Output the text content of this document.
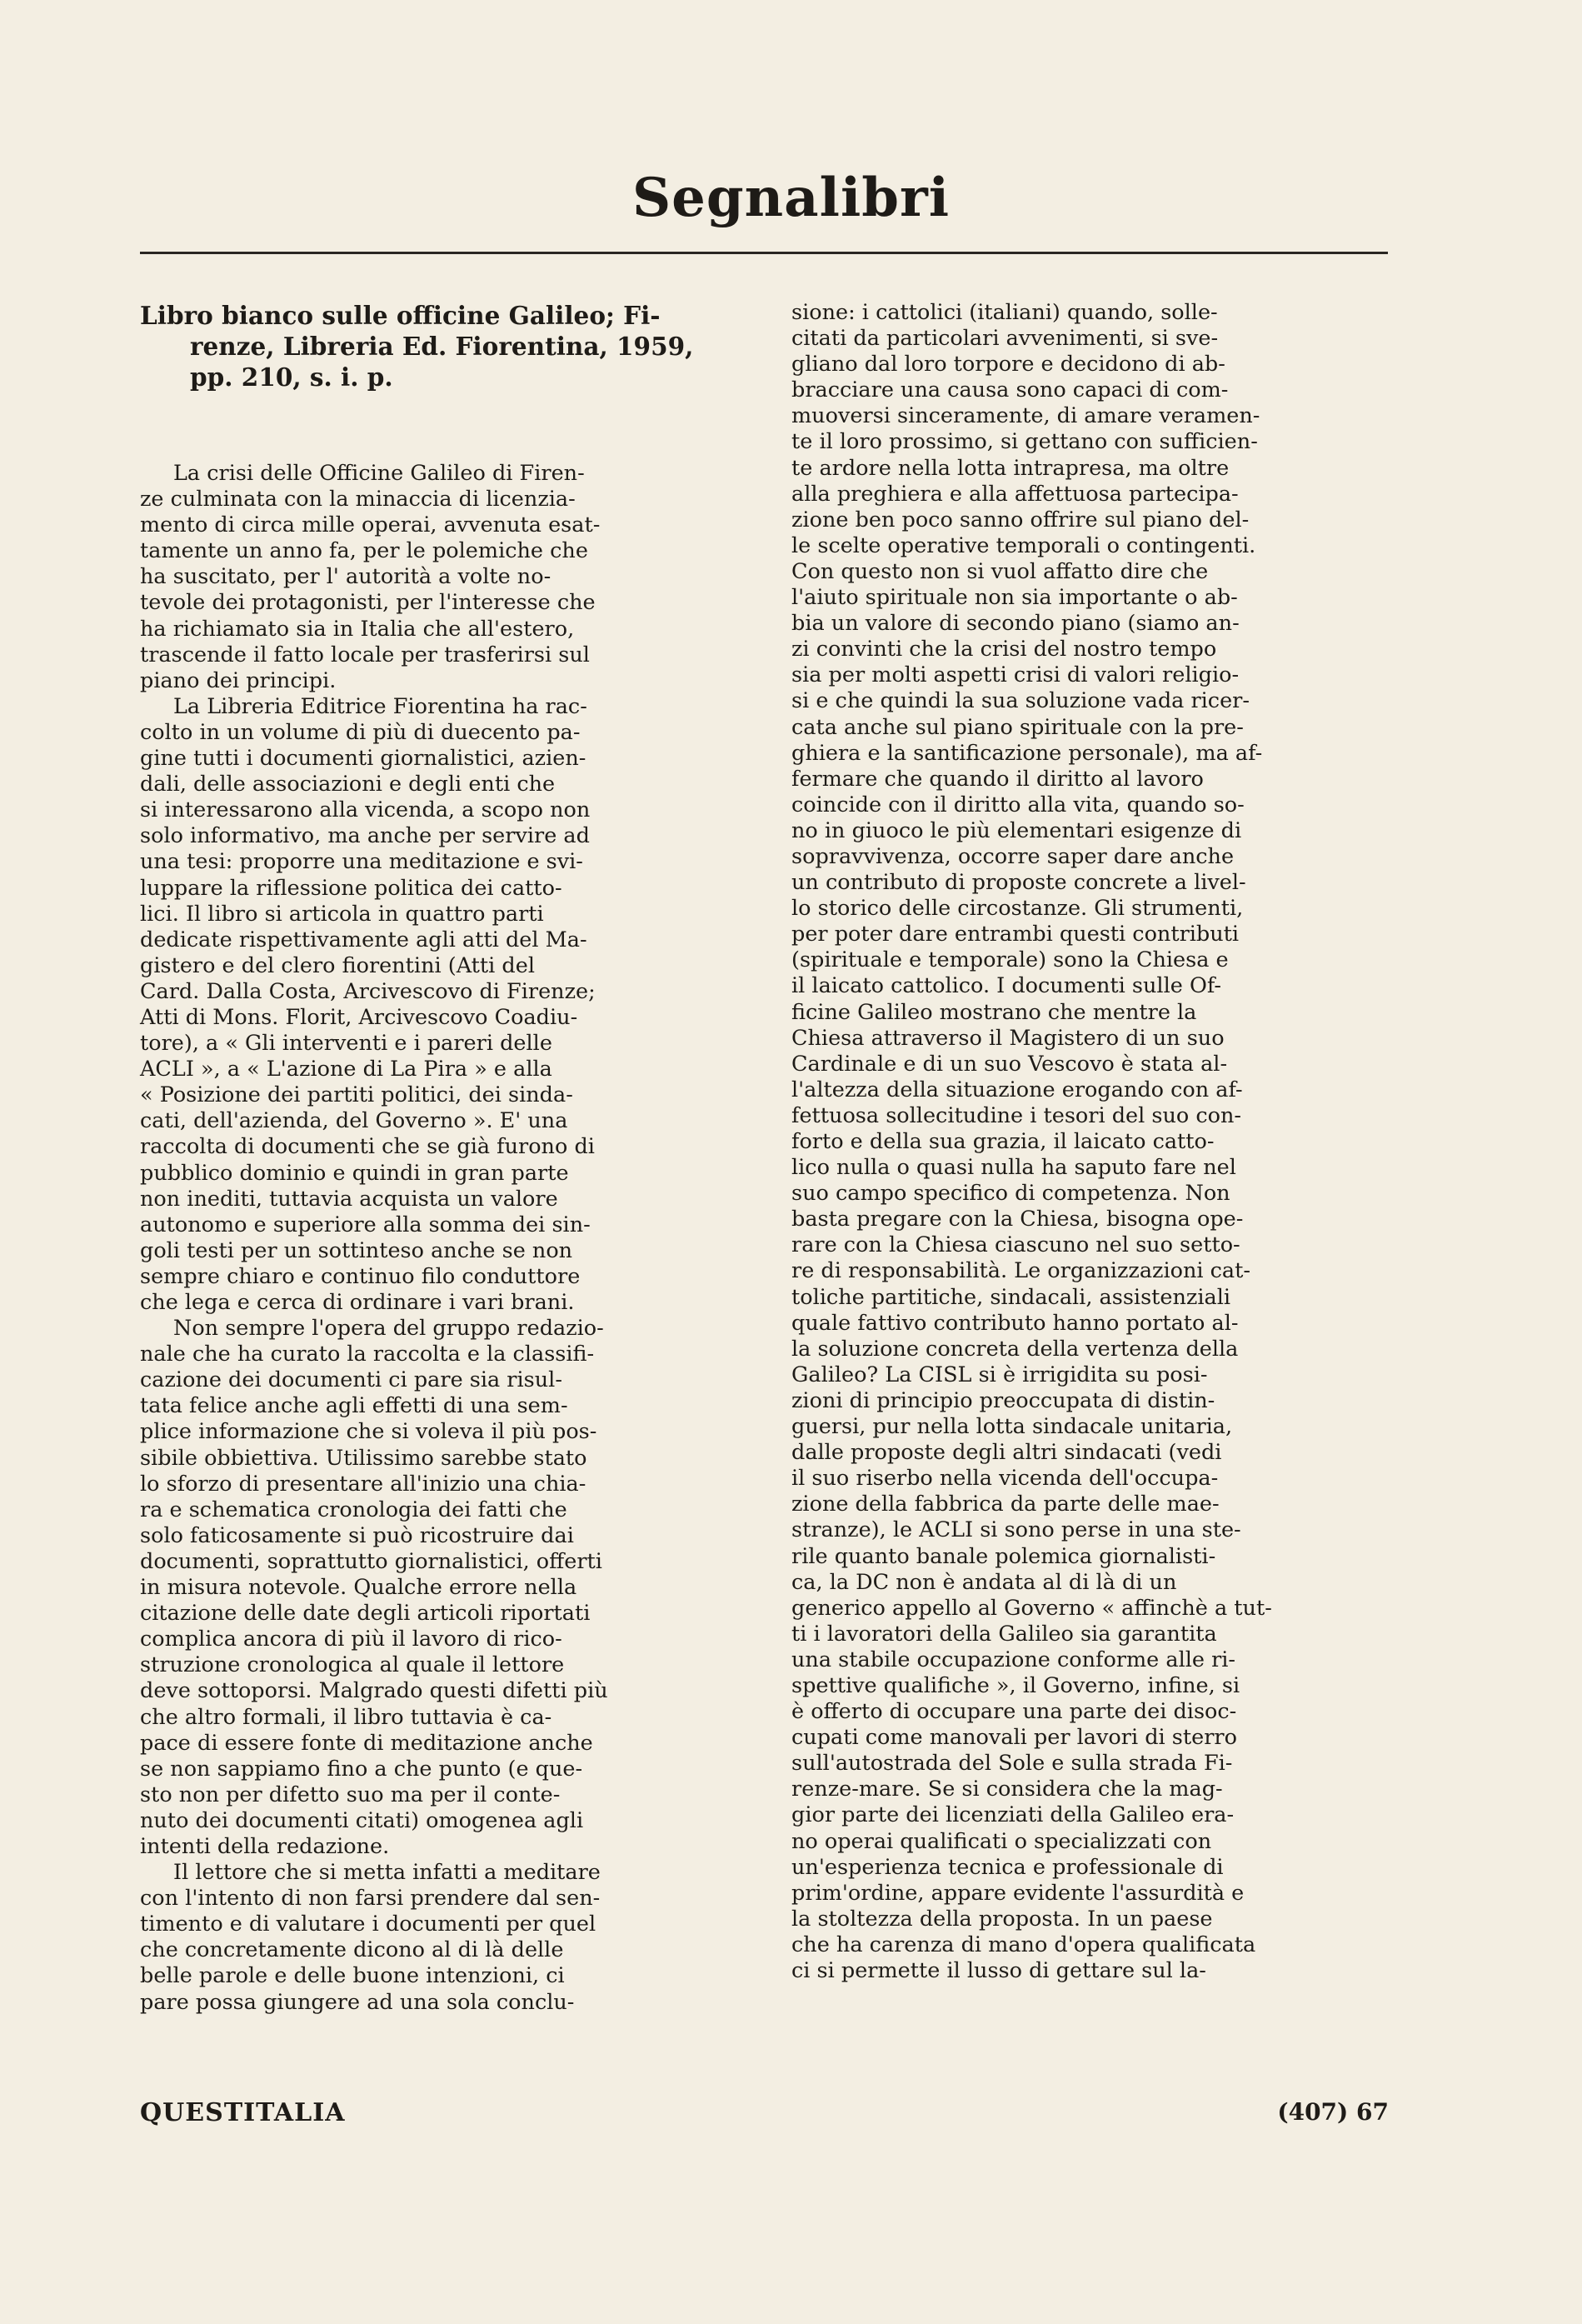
Segnalibri
Libro bianco sulle officine Galileo; Fi-
renze, Libreria Ed. Fiorentina, 1959,
pp. 210, s. i. p.
La crisi delle Officine Galileo di Firen-
ze culminata con la minaccia di licenzia-
mento di circa mille operai, avvenuta esat-
tamente un anno fa, per le polemiche che
ha suscitato, per l' autorità a volte no-
tevole dei protagonisti, per l'interesse che
ha richiamato sia in Italia che all'estero,
trascende il fatto locale per trasferirsi sul
piano dei principi.
La Libreria Editrice Fiorentina ha rac-
colto in un volume di più di duecento pa-
gine tutti i documenti giornalistici, azien-
dali, delle associazioni e degli enti che
si interessarono alla vicenda, a scopo non
solo informativo, ma anche per servire ad
una tesi: proporre una meditazione e svi-
luppare la riflessione politica dei catto-
lici. Il libro si articola in quattro parti
dedicate rispettivamente agli atti del Ma-
gistero e del clero fiorentini (Atti del
Card. Dalla Costa, Arcivescovo di Firenze;
Atti di Mons. Florit, Arcivescovo Coadiu-
tore), a « Gli interventi e i pareri delle
ACLI », a « L'azione di La Pira » e alla
« Posizione dei partiti politici, dei sinda-
cati, dell'azienda, del Governo ». E' una
raccolta di documenti che se già furono di
pubblico dominio e quindi in gran parte
non inediti, tuttavia acquista un valore
autonomo e superiore alla somma dei sin-
goli testi per un sottinteso anche se non
sempre chiaro e continuo filo conduttore
che lega e cerca di ordinare i vari brani.
Non sempre l'opera del gruppo redazio-
nale che ha curato la raccolta e la classifi-
cazione dei documenti ci pare sia risul-
tata felice anche agli effetti di una sem-
plice informazione che si voleva il più pos-
sibile obbiettiva. Utilissimo sarebbe stato
lo sforzo di presentare all'inizio una chia-
ra e schematica cronologia dei fatti che
solo faticosamente si può ricostruire dai
documenti, soprattutto giornalistici, offerti
in misura notevole. Qualche errore nella
citazione delle date degli articoli riportati
complica ancora di più il lavoro di rico-
struzione cronologica al quale il lettore
deve sottoporsi. Malgrado questi difetti più
che altro formali, il libro tuttavia è ca-
pace di essere fonte di meditazione anche
se non sappiamo fino a che punto (e que-
sto non per difetto suo ma per il conte-
nuto dei documenti citati) omogenea agli
intenti della redazione.
Il lettore che si metta infatti a meditare
con l'intento di non farsi prendere dal sen-
timento e di valutare i documenti per quel
che concretamente dicono al di là delle
belle parole e delle buone intenzioni, ci
pare possa giungere ad una sola conclu-
sione: i cattolici (italiani) quando, solle-
citati da particolari avvenimenti, si sve-
gliano dal loro torpore e decidono di ab-
bracciare una causa sono capaci di com-
muoversi sinceramente, di amare veramen-
te il loro prossimo, si gettano con sufficien-
te ardore nella lotta intrapresa, ma oltre
alla preghiera e alla affettuosa partecipa-
zione ben poco sanno offrire sul piano del-
le scelte operative temporali o contingenti.
Con questo non si vuol affatto dire che
l'aiuto spirituale non sia importante o ab-
bia un valore di secondo piano (siamo an-
zi convinti che la crisi del nostro tempo
sia per molti aspetti crisi di valori religio-
si e che quindi la sua soluzione vada ricer-
cata anche sul piano spirituale con la pre-
ghiera e la santificazione personale), ma af-
fermare che quando il diritto al lavoro
coincide con il diritto alla vita, quando so-
no in giuoco le più elementari esigenze di
sopravvivenza, occorre saper dare anche
un contributo di proposte concrete a livel-
lo storico delle circostanze. Gli strumenti,
per poter dare entrambi questi contributi
(spirituale e temporale) sono la Chiesa e
il laicato cattolico. I documenti sulle Of-
ficine Galileo mostrano che mentre la
Chiesa attraverso il Magistero di un suo
Cardinale e di un suo Vescovo è stata al-
l'altezza della situazione erogando con af-
fettuosa sollecitudine i tesori del suo con-
forto e della sua grazia, il laicato catto-
lico nulla o quasi nulla ha saputo fare nel
suo campo specifico di competenza. Non
basta pregare con la Chiesa, bisogna ope-
rare con la Chiesa ciascuno nel suo setto-
re di responsabilità. Le organizzazioni cat-
toliche partitiche, sindacali, assistenziali
quale fattivo contributo hanno portato al-
la soluzione concreta della vertenza della
Galileo? La CISL si è irrigidita su posi-
zioni di principio preoccupata di distin-
guersi, pur nella lotta sindacale unitaria,
dalle proposte degli altri sindacati (vedi
il suo riserbo nella vicenda dell'occupa-
zione della fabbrica da parte delle mae-
stranze), le ACLI si sono perse in una ste-
rile quanto banale polemica giornalisti-
ca, la DC non è andata al di là di un
generico appello al Governo « affinchè a tut-
ti i lavoratori della Galileo sia garantita
una stabile occupazione conforme alle ri-
spettive qualifiche », il Governo, infine, si
è offerto di occupare una parte dei disoc-
cupati come manovali per lavori di sterro
sull'autostrada del Sole e sulla strada Fi-
renze-mare. Se si considera che la mag-
gior parte dei licenziati della Galileo era-
no operai qualificati o specializzati con
un'esperienza tecnica e professionale di
prim'ordine, appare evidente l'assurdità e
la stoltezza della proposta. In un paese
che ha carenza di mano d'opera qualificata
ci si permette il lusso di gettare sul la-
QUESTITALIA	(407) 67
